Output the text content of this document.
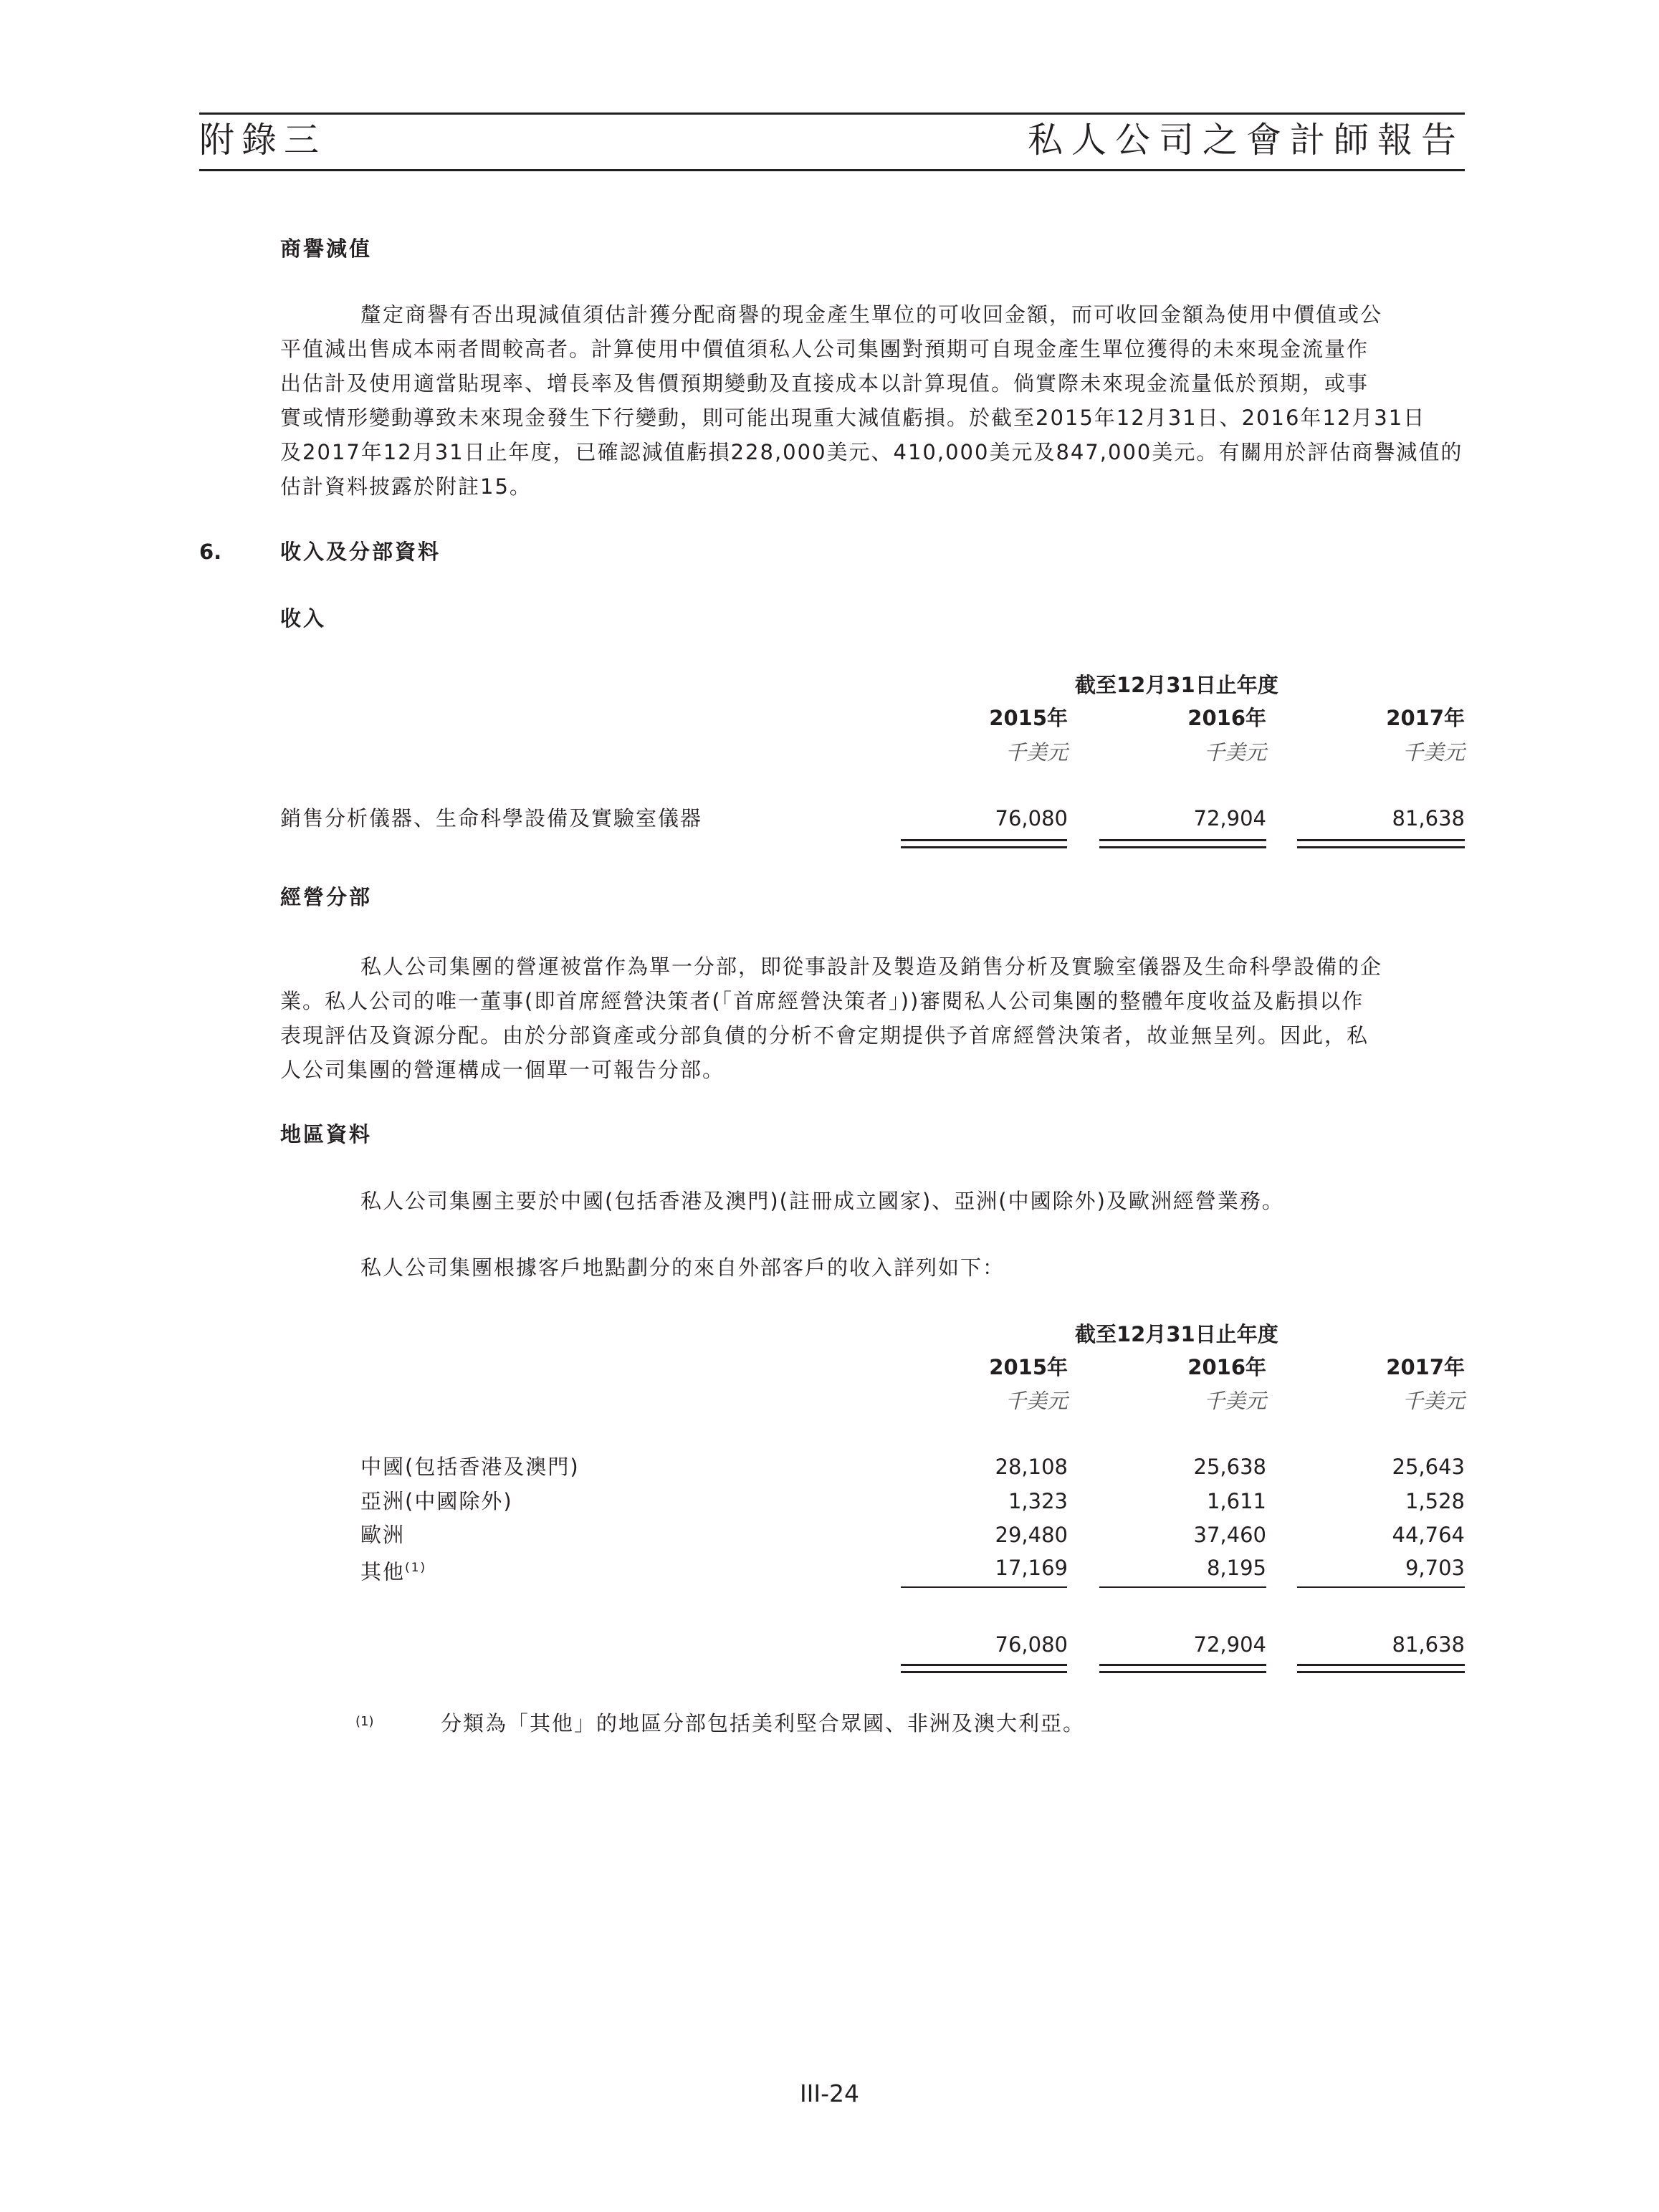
附錄三	私人公司之會計師報告
商譽減值
釐定商譽有否出現減值須估計獲分配商譽的現金產生單位的可收回金額，而可收回金額為使用中價值或公
平值減出售成本兩者間較高者。計算使用中價值須私人公司集團對預期可自現金產生單位獲得的未來現金流量作
出估計及使用適當貼現率、增長率及售價預期變動及直接成本以計算現值。倘實際未來現金流量低於預期，或事
實或情形變動導致未來現金發生下行變動，則可能出現重大減值虧損。於截至2015年12月31日、2016年12月31日
及2017年12月31日止年度，已確認減值虧損228,000美元、410,000美元及847,000美元。有關用於評估商譽減值的
估計資料披露於附註15。
6.	收入及分部資料
收入
截至12月31日止年度
2015年	2016年	2017年
千美元	千美元	千美元
銷售分析儀器、生命科學設備及實驗室儀器	76,080	72,904	81,638
經營分部
私人公司集團的營運被當作為單一分部，即從事設計及製造及銷售分析及實驗室儀器及生命科學設備的企
業。私人公司的唯一董事(即首席經營決策者(「首席經營決策者」))審閱私人公司集團的整體年度收益及虧損以作
表現評估及資源分配。由於分部資產或分部負債的分析不會定期提供予首席經營決策者，故並無呈列。因此，私
人公司集團的營運構成一個單一可報告分部。
地區資料
私人公司集團主要於中國(包括香港及澳門)(註冊成立國家)、亞洲(中國除外)及歐洲經營業務。
私人公司集團根據客戶地點劃分的來自外部客戶的收入詳列如下：
截至12月31日止年度
2015年	2016年	2017年
千美元	千美元	千美元
中國(包括香港及澳門)	28,108	25,638	25,643
亞洲(中國除外)	1,323	1,611	1,528
歐洲	29,480	37,460	44,764
其他$^{(1)}$	17,169	8,195	9,703
76,080	72,904	81,638
(1)	分類為「其他」的地區分部包括美利堅合眾國、非洲及澳大利亞。
III-24
